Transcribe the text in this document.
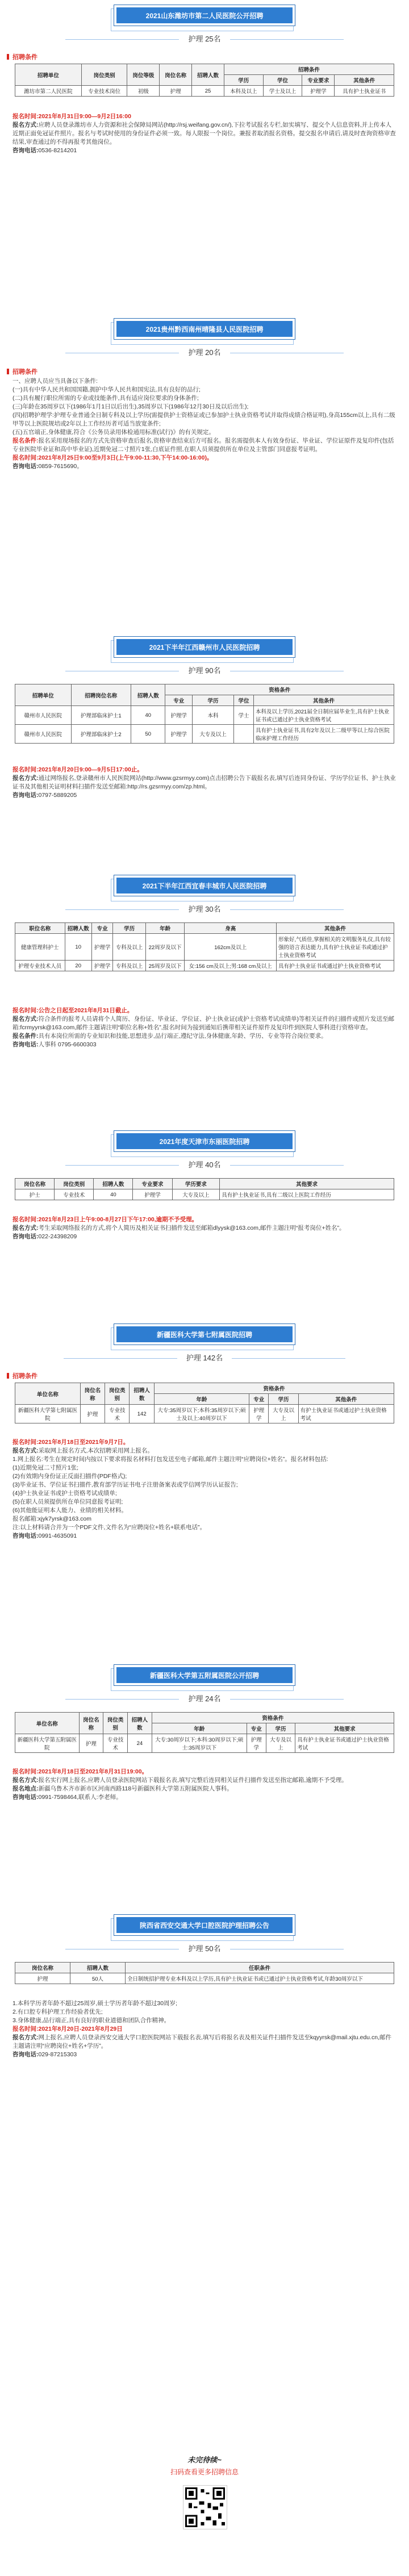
2021山东潍坊市第二人民医院公开招聘
护理 25名
招聘条件
招聘单位	岗位类别	岗位等级	岗位名称	招聘人数	招聘条件			
					学历	学位	专业要求	其他条件
潍坊市第二人民医院	专业技术岗位	初级	护理	25	本科及以上	学士及以上	护理学	具有护士执业证书

报名时间:2021年8月31日9:00—9月2日16:00

报名方式:应聘人员登录潍坊市人力资源和社会保障局网站(http://rsj.weifang.gov.cn/),下拉考试报名专栏,如实填写、提交个人信息资料,并上传本人近期正面免冠证件照片。报名与考试时使用的身份证件必须一致。每人限报一个岗位。兼报者取消报名资格。提交报名申请后,请及时查询资格审查结果,审查通过的不得再报考其他岗位。

咨询电话:0536-8214201

2021贵州黔西南州晴隆县人民医院招聘
护理 20名
招聘条件

一、应聘人员应当具备以下条件:

(一)具有中华人民共和国国籍,拥护中华人民共和国宪法,具有良好的品行;

(二)具有履行职位所需的专业或技能条件,具有适应岗位要求的身体条件;

(三)年龄在35周岁以下(1986年1月1日以后出生),35周岁以下(1986年12月30日及以后出生);

(四)招聘护理学:护理专业普通全日制专科及以上学历(需提供护士资格证或已参加护士执业资格考试并取得成绩合格证明),身高155cm以上,具有二级甲等以上医院规培或2年以上工作经历者可适当放宽条件;

(五)五官端正,身体健康,符合《公务员录用体检通用标准(试行)》的有关规定。

报名条件:报名采用现场报名的方式先资格审查后报名,资格审查结束后方可报名。报名需提供本人有效身份证、毕业证、学位证原件及复印件(包括专业医院毕业证和高中毕业证),近期免冠二寸照片1张,白底证件照,在职人员须提供所在单位及主管部门同意报考证明。

报名时间:2021年8月25日9:00至9月3日(上午9:00-11:30,下午14:00-16:00)。

咨询电话:0859-7615690。

2021下半年江西赣州市人民医院招聘
护理 90名
招聘单位	招聘岗位名称	招聘人数	资格条件			
			专业	学历	学位	其他条件
赣州市人民医院	护理部临床护士1	40	护理学	本科	学士	本科及以上学历,2021届全日制应届毕业生,具有护士执业证书或已通过护士执业资格考试
赣州市人民医院	护理部临床护士2	50	护理学	大专及以上		具有护士执业证书,具有2年及以上二级甲等以上综合医院临床护理工作经历

报名时间:2021年8月20日9:00—9月5日17:00止。

报名方式:通过网络报名,登录赣州市人民医院网站(http://www.gzsrmyy.com)点击招聘公告下载报名表,填写后连同身份证、学历学位证书、护士执业证书及其他相关证明材料扫描件发送至邮箱:http://rs.gzsrmyy.com/zp.html。

咨询电话:0797-5889205

2021下半年江西宜春丰城市人民医院招聘
护理 30名
职位名称	招聘人数	专业	学历	年龄	身高	其他条件
健康管理科护士	10	护理学	专科及以上	22周岁及以下	162cm及以上	形象好,气质佳,掌握相关的文明服务礼仪,具有较强的语言表达能力,具有护士执业证书或通过护士执业资格考试
护理专业技术人员	20	护理学	专科及以上	25周岁及以下	女:156 cm及以上;男:168 cm及以上	具有护士执业证书或通过护士执业资格考试

报名时间:公告之日起至2021年8月31日截止。

报名方式:符合条件的报考人员请将个人简历、身份证、毕业证、学位证、护士执业证(或护士资格考试成绩单)等相关证件的扫描件或照片发送至邮箱:fcrmyyrsk@163.com,邮件主题请注明“职位名称+姓名”,报名时间为接到通知后携带相关证件原件及复印件到医院人事科进行资格审查。

报名条件:具有本岗位所需的专业知识和技能,思想进步,品行端正,遵纪守法,身体健康,年龄、学历、专业等符合岗位要求。

咨询电话:人事科 0795-6600303

2021年度天津市东丽医院招聘
护理 40名
岗位名称	岗位类别	招聘人数	专业要求	学历要求	其他要求
护士	专业技术	40	护理学	大专及以上	具有护士执业证书,具有二级以上医院工作经历

报名时间:2021年8月23日上午9:00-8月27日下午17:00,逾期不予受理。

报名方式:考生采取网络报名的方式,将个人简历及相关证书扫描件发送至邮箱dlyysk@163.com,邮件主题注明“报考岗位+姓名”。

咨询电话:022-24398209

新疆医科大学第七附属医院招聘
护理 142名
招聘条件
单位名称	岗位名称	岗位类别	招聘人数	资格条件			
				年龄	专业	学历	其他条件
新疆医科大学第七附属医院	护理	专业技术	142	大专:35周岁以下;本科:35周岁以下;硕士及以上:40周岁以下	护理学	大专及以上	有护士执业证书或通过护士执业资格考试

报名时间:2021年8月18日至2021年9月7日。

报名方式:采取网上报名方式,本次招聘采用网上报名。

1.网上报名:考生在规定时间内按以下要求将报名材料打包发送至电子邮箱,邮件主题注明“应聘岗位+姓名”。报名材料包括:

(1)近期免冠二寸照片1张;

(2)有效期内身份证正反面扫描件(PDF格式);

(3)毕业证书、学位证书扫描件,教育部学历证书电子注册备案表或学信网学历认证报告;

(4)护士执业证书或护士资格考试成绩单;

(5)在职人员须提供所在单位同意报考证明;

(6)其他能证明本人能力、业绩的相关材料。

报名邮箱:xjyk7yrsk@163.com

注:以上材料请合并为一个PDF文件,文件名为“应聘岗位+姓名+联系电话”。

咨询电话:0991-4635091

新疆医科大学第五附属医院公开招聘
护理 24名
单位名称	岗位名称	岗位类别	招聘人数	资格条件			
				年龄	专业	学历	其他要求
新疆医科大学第五附属医院	护理	专业技术	24	大专:30周岁以下;本科:30周岁以下;硕士:35周岁以下	护理学	大专及以上	具有护士执业证书或通过护士执业资格考试

报名时间:2021年8月18日至2021年8月31日19:00。

报名方式:报名实行网上报名,应聘人员登录医院网站下载报名表,填写完整后连同相关证件扫描件发送至指定邮箱,逾期不予受理。

报名地点:新疆乌鲁木齐市新市区河南西路118号新疆医科大学第五附属医院人事科。

咨询电话:0991-7598464,联系人:李老师。

陕西省西安交通大学口腔医院护理招聘公告
护理 50名
岗位名称	招聘人数	任职条件
护理	50人	全日制统招护理专业本科及以上学历,具有护士执业证书或已通过护士执业资格考试,年龄30周岁以下

1.本科学历者年龄不超过25周岁,硕士学历者年龄不超过30周岁;

2.有口腔专科护理工作经验者优先;

3.身体健康,品行端正,具有良好的职业道德和团队合作精神。

报名时间:2021年8月20日-2021年8月29日

报名方式:网上报名,应聘人员登录西安交通大学口腔医院网站下载报名表,填写后将报名表及相关证件扫描件发送至kqyyrsk@mail.xjtu.edu.cn,邮件主题请注明“应聘岗位+姓名+学历”。

咨询电话:029-87215303

未完待续~
扫码查看更多招聘信息
